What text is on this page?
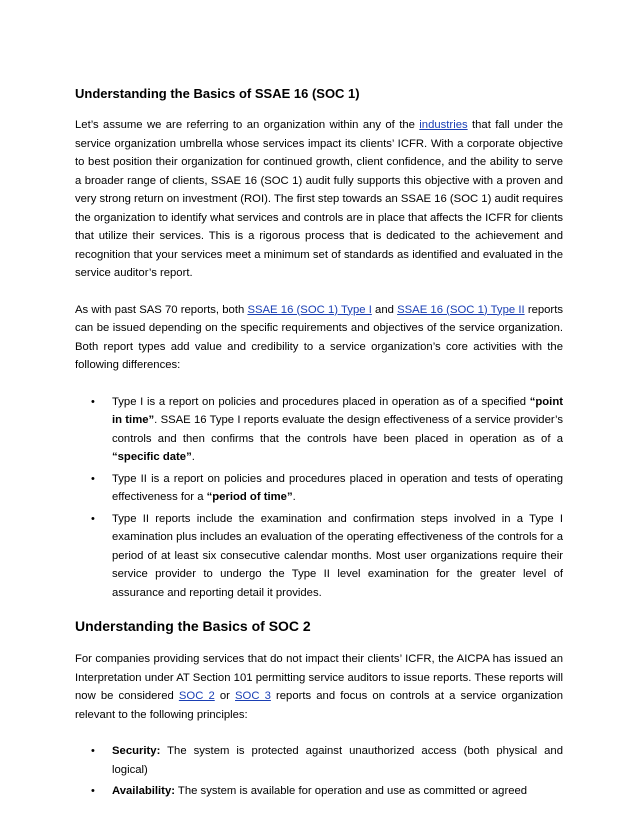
Understanding the Basics of SSAE 16 (SOC 1)

Let’s assume we are referring to an organization within any of the industries that fall under the service organization umbrella whose services impact its clients’ ICFR. With a corporate objective to best position their organization for continued growth, client confidence, and the ability to serve a broader range of clients, SSAE 16 (SOC 1) audit fully supports this objective with a proven and very strong return on investment (ROI). The first step towards an SSAE 16 (SOC 1) audit requires the organization to identify what services and controls are in place that affects the ICFR for clients that utilize their services. This is a rigorous process that is dedicated to the achievement and recognition that your services meet a minimum set of standards as identified and evaluated in the service auditor’s report.

As with past SAS 70 reports, both SSAE 16 (SOC 1) Type I and SSAE 16 (SOC 1) Type II reports can be issued depending on the specific requirements and objectives of the service organization. Both report types add value and credibility to a service organization’s core activities with the following differences:

• Type I is a report on policies and procedures placed in operation as of a specified “point in time”. SSAE 16 Type I reports evaluate the design effectiveness of a service provider’s controls and then confirms that the controls have been placed in operation as of a “specific date”.
• Type II is a report on policies and procedures placed in operation and tests of operating effectiveness for a “period of time”.
• Type II reports include the examination and confirmation steps involved in a Type I examination plus includes an evaluation of the operating effectiveness of the controls for a period of at least six consecutive calendar months. Most user organizations require their service provider to undergo the Type II level examination for the greater level of assurance and reporting detail it provides.
Understanding the Basics of SOC 2

For companies providing services that do not impact their clients’ ICFR, the AICPA has issued an Interpretation under AT Section 101 permitting service auditors to issue reports. These reports will now be considered SOC 2 or SOC 3 reports and focus on controls at a service organization relevant to the following principles:

• Security: The system is protected against unauthorized access (both physical and logical)
• Availability: The system is available for operation and use as committed or agreed
